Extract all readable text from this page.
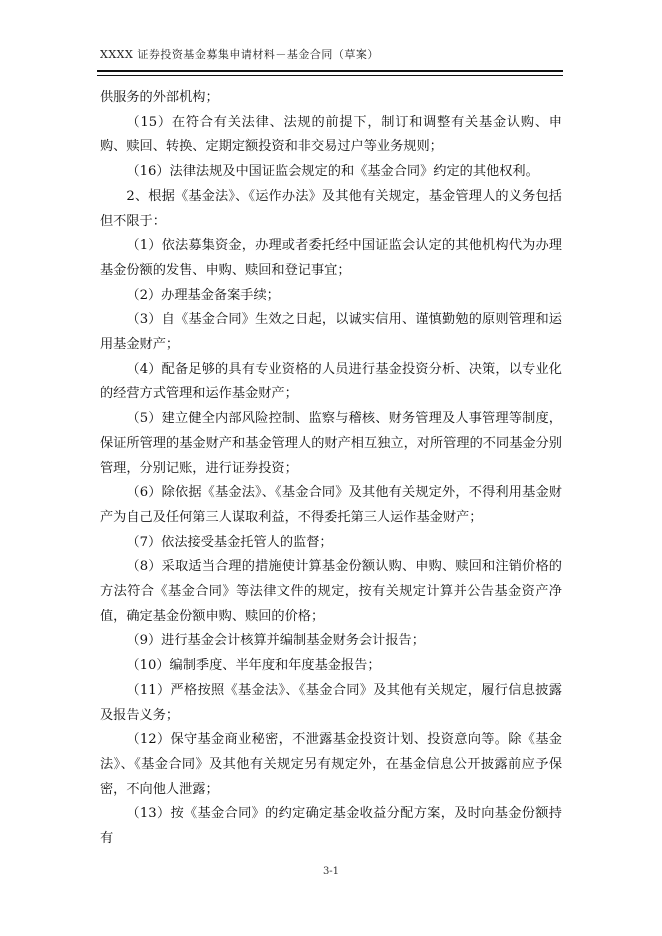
XXXX 证券投资基金募集申请材料－基金合同（草案）

供服务的外部机构；

（15）在符合有关法律、法规的前提下，制订和调整有关基金认购、申购、赎回、转换、定期定额投资和非交易过户等业务规则；

（16）法律法规及中国证监会规定的和《基金合同》约定的其他权利。

2、根据《基金法》、《运作办法》及其他有关规定，基金管理人的义务包括但不限于：

（1）依法募集资金，办理或者委托经中国证监会认定的其他机构代为办理基金份额的发售、申购、赎回和登记事宜；

（2）办理基金备案手续；

（3）自《基金合同》生效之日起，以诚实信用、谨慎勤勉的原则管理和运用基金财产；

（4）配备足够的具有专业资格的人员进行基金投资分析、决策，以专业化的经营方式管理和运作基金财产；

（5）建立健全内部风险控制、监察与稽核、财务管理及人事管理等制度，保证所管理的基金财产和基金管理人的财产相互独立，对所管理的不同基金分别管理，分别记账，进行证券投资；

（6）除依据《基金法》、《基金合同》及其他有关规定外，不得利用基金财产为自己及任何第三人谋取利益，不得委托第三人运作基金财产；

（7）依法接受基金托管人的监督；

（8）采取适当合理的措施使计算基金份额认购、申购、赎回和注销价格的方法符合《基金合同》等法律文件的规定，按有关规定计算并公告基金资产净值，确定基金份额申购、赎回的价格；

（9）进行基金会计核算并编制基金财务会计报告；

（10）编制季度、半年度和年度基金报告；

（11）严格按照《基金法》、《基金合同》及其他有关规定，履行信息披露及报告义务；

（12）保守基金商业秘密，不泄露基金投资计划、投资意向等。除《基金法》、《基金合同》及其他有关规定另有规定外，在基金信息公开披露前应予保密，不向他人泄露；

（13）按《基金合同》的约定确定基金收益分配方案，及时向基金份额持有

3-1
